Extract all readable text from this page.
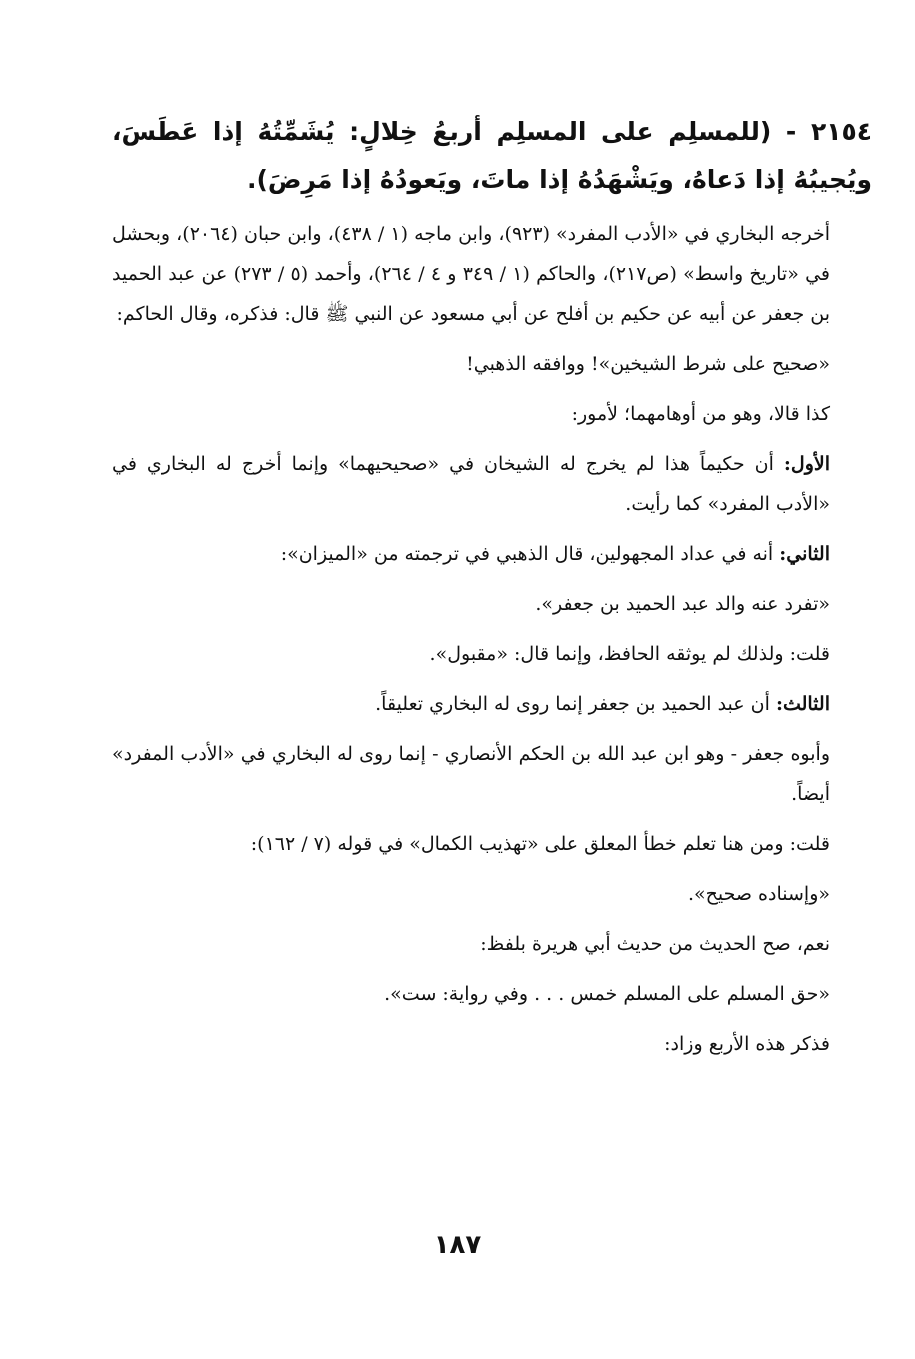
٢١٥٤ - (للمسلِم على المسلِم أربعُ خِلالٍ: يُشَمِّتُهُ إذا عَطَسَ، ويُجيبُهُ إذا دَعاهُ، ويَشْهَدُهُ إذا ماتَ، ويَعودُهُ إذا مَرِضَ).
أخرجه البخاري في «الأدب المفرد» (٩٢٣)، وابن ماجه (١ / ٤٣٨)، وابن حبان (٢٠٦٤)، وبحشل في «تاريخ واسط» (ص٢١٧)، والحاكم (١ / ٣٤٩ و ٤ / ٢٦٤)، وأحمد (٥ / ٢٧٣) عن عبد الحميد بن جعفر عن أبيه عن حكيم بن أفلح عن أبي مسعود عن النبي ﷺ قال: فذكره، وقال الحاكم:
«صحيح على شرط الشيخين»! ووافقه الذهبي!
كذا قالا، وهو من أوهامهما؛ لأمور:
الأول: أن حكيماً هذا لم يخرج له الشيخان في «صحيحيهما» وإنما أخرج له البخاري في «الأدب المفرد» كما رأيت.
الثاني: أنه في عداد المجهولين، قال الذهبي في ترجمته من «الميزان»:
«تفرد عنه والد عبد الحميد بن جعفر».
قلت: ولذلك لم يوثقه الحافظ، وإنما قال: «مقبول».
الثالث: أن عبد الحميد بن جعفر إنما روى له البخاري تعليقاً.
وأبوه جعفر - وهو ابن عبد الله بن الحكم الأنصاري - إنما روى له البخاري في «الأدب المفرد» أيضاً.
قلت: ومن هنا تعلم خطأ المعلق على «تهذيب الكمال» في قوله (٧ / ١٦٢):
«وإسناده صحيح».
نعم، صح الحديث من حديث أبي هريرة بلفظ:
«حق المسلم على المسلم خمس . . . وفي رواية: ست».
فذكر هذه الأربع وزاد:
١٨٧
